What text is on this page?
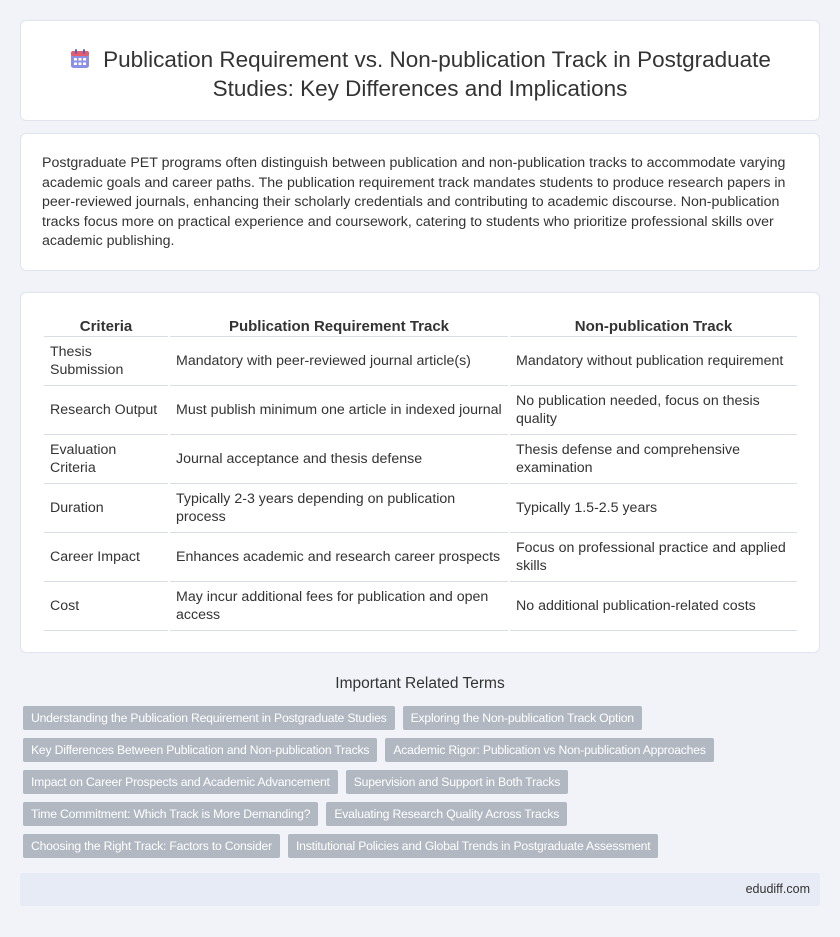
Publication Requirement vs. Non-publication Track in Postgraduate Studies: Key Differences and Implications

Postgraduate PET programs often distinguish between publication and non-publication tracks to accommodate varying academic goals and career paths. The publication requirement track mandates students to produce research papers in peer-reviewed journals, enhancing their scholarly credentials and contributing to academic discourse. Non-publication tracks focus more on practical experience and coursework, catering to students who prioritize professional skills over academic publishing.

Criteria	Publication Requirement Track	Non-publication Track
Thesis Submission	Mandatory with peer-reviewed journal article(s)	Mandatory without publication requirement
Research Output	Must publish minimum one article in indexed journal	No publication needed, focus on thesis quality
Evaluation Criteria	Journal acceptance and thesis defense	Thesis defense and comprehensive examination
Duration	Typically 2-3 years depending on publication process	Typically 1.5-2.5 years
Career Impact	Enhances academic and research career prospects	Focus on professional practice and applied skills
Cost	May incur additional fees for publication and open access	No additional publication-related costs
Important Related Terms
Understanding the Publication Requirement in Postgraduate Studies	Exploring the Non-publication Track Option
Key Differences Between Publication and Non-publication Tracks	Academic Rigor: Publication vs Non-publication Approaches
Impact on Career Prospects and Academic Advancement	Supervision and Support in Both Tracks
Time Commitment: Which Track is More Demanding?	Evaluating Research Quality Across Tracks
Choosing the Right Track: Factors to Consider	Institutional Policies and Global Trends in Postgraduate Assessment
edudiff.com
